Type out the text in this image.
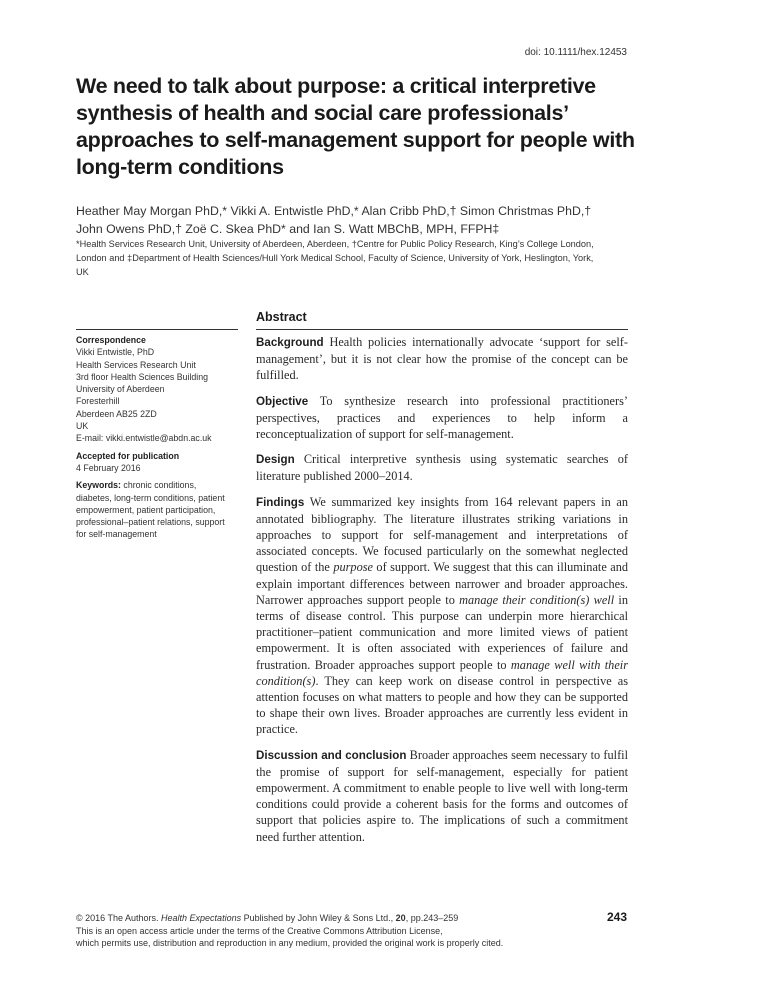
doi: 10.1111/hex.12453
We need to talk about purpose: a critical interpretive synthesis of health and social care professionals’ approaches to self-management support for people with long-term conditions
Heather May Morgan PhD,* Vikki A. Entwistle PhD,* Alan Cribb PhD,† Simon Christmas PhD,†
John Owens PhD,† Zoë C. Skea PhD* and Ian S. Watt MBChB, MPH, FFPH‡
*Health Services Research Unit, University of Aberdeen, Aberdeen, †Centre for Public Policy Research, King’s College London,
London and ‡Department of Health Sciences/Hull York Medical School, Faculty of Science, University of York, Heslington, York,
UK
Abstract
Correspondence
Vikki Entwistle, PhD
Health Services Research Unit
3rd floor Health Sciences Building
University of Aberdeen
Foresterhill
Aberdeen AB25 2ZD
UK
E-mail: vikki.entwistle@abdn.ac.uk
Accepted for publication
4 February 2016
Keywords: chronic conditions,
diabetes, long-term conditions, patient
empowerment, patient participation,
professional–patient relations, support
for self-management

Background Health policies internationally advocate ‘support for self-management’, but it is not clear how the promise of the concept can be fulfilled.

Objective To synthesize research into professional practitioners’ perspectives, practices and experiences to help inform a reconceptualization of support for self-management.

Design Critical interpretive synthesis using systematic searches of literature published 2000–2014.

Findings We summarized key insights from 164 relevant papers in an annotated bibliography. The literature illustrates striking variations in approaches to support for self-management and interpretations of associated concepts. We focused particularly on the somewhat neglected question of the purpose of support. We suggest that this can illuminate and explain important differences between narrower and broader approaches. Narrower approaches support people to manage their condition(s) well in terms of disease control. This purpose can underpin more hierarchical practitioner–patient communication and more limited views of patient empowerment. It is often associated with experiences of failure and frustration. Broader approaches support people to manage well with their condition(s). They can keep work on disease control in perspective as attention focuses on what matters to people and how they can be supported to shape their own lives. Broader approaches are currently less evident in practice.

Discussion and conclusion Broader approaches seem necessary to fulfil the promise of support for self-management, especially for patient empowerment. A commitment to enable people to live well with long-term conditions could provide a coherent basis for the forms and outcomes of support that policies aspire to. The implications of such a commitment need further attention.

© 2016 The Authors. Health Expectations Published by John Wiley & Sons Ltd., 20, pp.243–259
This is an open access article under the terms of the Creative Commons Attribution License,
which permits use, distribution and reproduction in any medium, provided the original work is properly cited.
243
